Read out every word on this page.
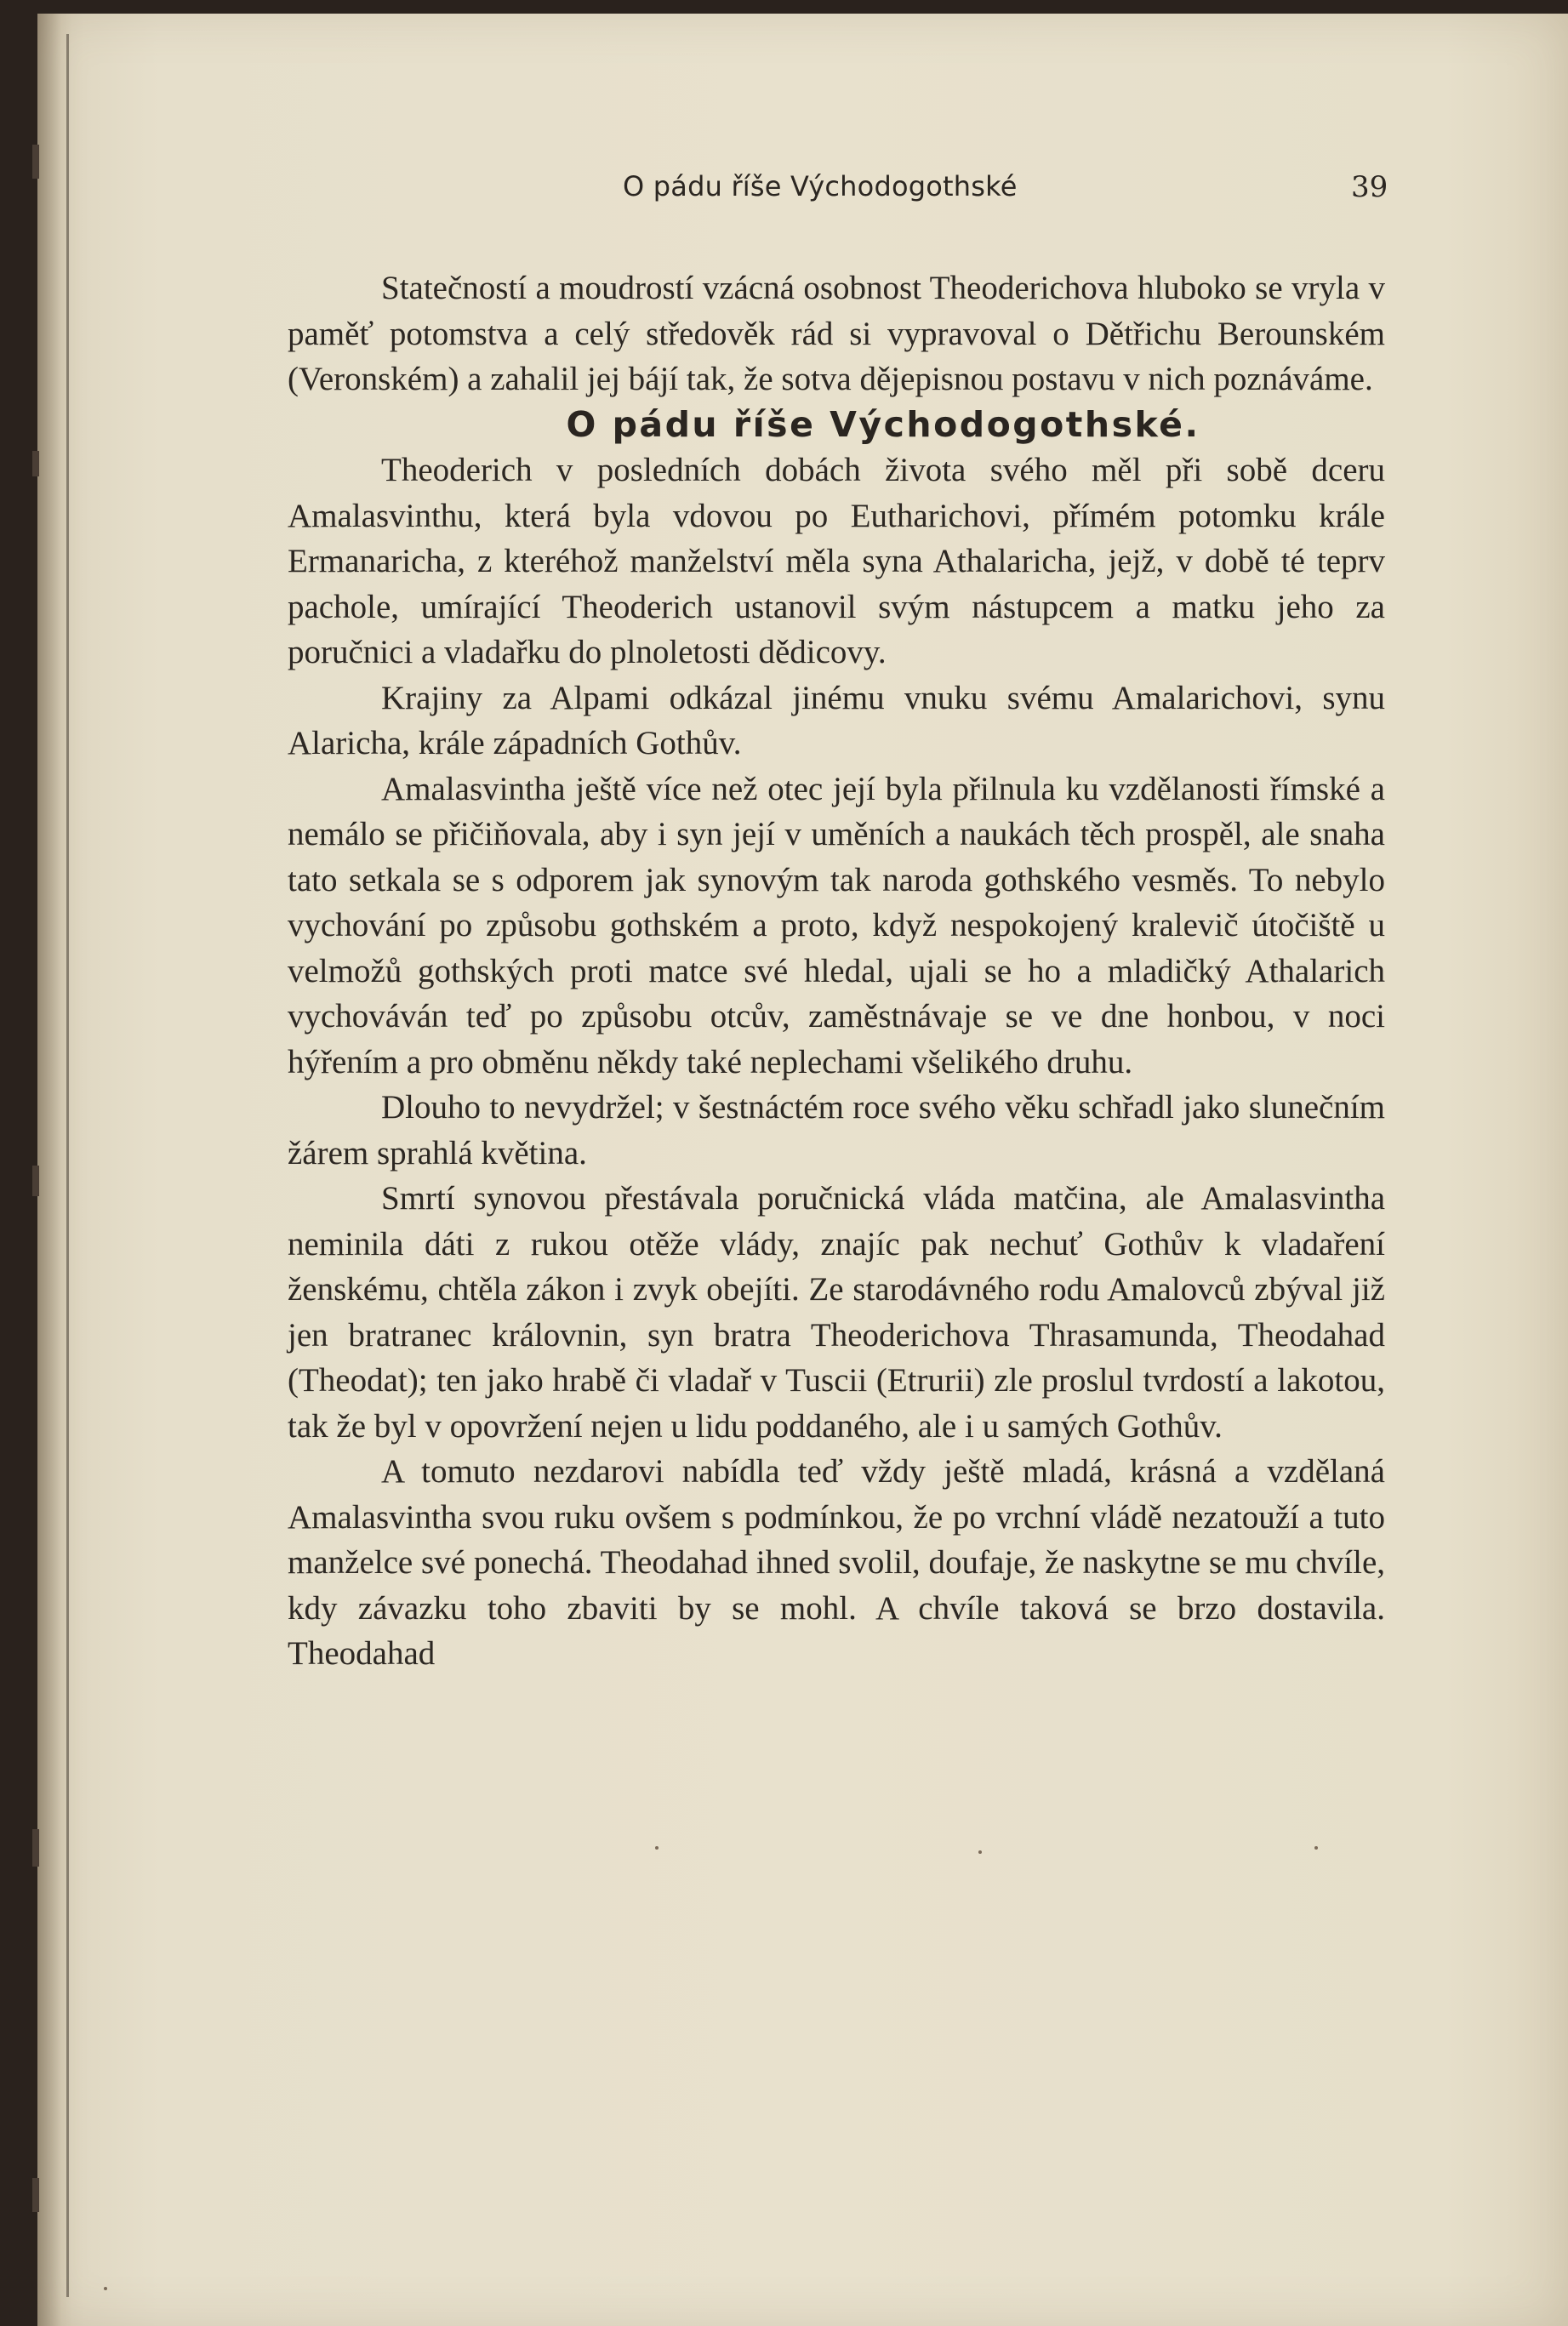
O pádu říše Východogothské	39

Statečností a moudrostí vzácná osobnost Theoderichova hluboko se vryla v paměť potomstva a celý středověk rád si vypravoval o Dětřichu Berounském (Veronském) a zahalil jej bájí tak, že sotva dějepisnou postavu v nich poznáváme.

O pádu říše Východogothské.

Theoderich v posledních dobách života svého měl při sobě dceru Amalasvinthu, která byla vdovou po Eutharichovi, přímém potomku krále Ermanaricha, z kteréhož manželství měla syna Athalaricha, jejž, v době té teprv pachole, umírající Theoderich ustanovil svým nástupcem a matku jeho za poručnici a vladařku do plnoletosti dědicovy.

Krajiny za Alpami odkázal jinému vnuku svému Amalarichovi, synu Alaricha, krále západních Gothův.

Amalasvintha ještě více než otec její byla přilnula ku vzdělanosti římské a nemálo se přičiňovala, aby i syn její v uměních a naukách těch prospěl, ale snaha tato setkala se s odporem jak synovým tak naroda gothského vesměs. To nebylo vychování po způsobu gothském a proto, když nespokojený kralevič útočiště u velmožů gothských proti matce své hledal, ujali se ho a mladičký Athalarich vychováván teď po způsobu otcův, zaměstnávaje se ve dne honbou, v noci hýřením a pro obměnu někdy také neplechami všelikého druhu.

Dlouho to nevydržel; v šestnáctém roce svého věku schřadl jako slunečním žárem sprahlá květina.

Smrtí synovou přestávala poručnická vláda matčina, ale Amalasvintha neminila dáti z rukou otěže vlády, znajíc pak nechuť Gothův k vladaření ženskému, chtěla zákon i zvyk obejíti. Ze starodávného rodu Amalovců zbýval již jen bratranec královnin, syn bratra Theoderichova Thrasamunda, Theodahad (Theodat); ten jako hrabě či vladař v Tuscii (Etrurii) zle proslul tvrdostí a lakotou, tak že byl v opovržení nejen u lidu poddaného, ale i u samých Gothův.

A tomuto nezdarovi nabídla teď vždy ještě mladá, krásná a vzdělaná Amalasvintha svou ruku ovšem s podmínkou, že po vrchní vládě nezatouží a tuto manželce své ponechá. Theodahad ihned svolil, doufaje, že naskytne se mu chvíle, kdy závazku toho zbaviti by se mohl. A chvíle taková se brzo dostavila. Theodahad
